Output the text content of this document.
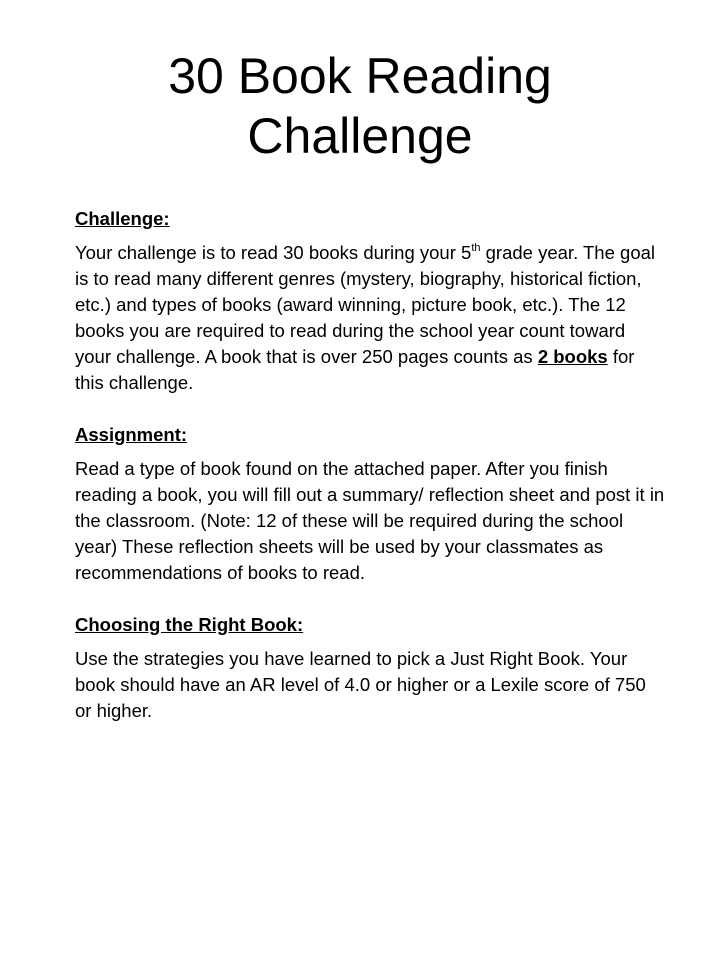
30 Book Reading
Challenge
Challenge:

Your challenge is to read 30 books during your 5th grade year. The goal is to read many different genres (mystery, biography, historical fiction, etc.) and types of books (award winning, picture book, etc.). The 12 books you are required to read during the school year count toward your challenge. A book that is over 250 pages counts as 2 books for this challenge.

Assignment:

Read a type of book found on the attached paper. After you finish reading a book, you will fill out a summary/ reflection sheet and post it in the classroom. (Note: 12 of these will be required during the school year) These reflection sheets will be used by your classmates as recommendations of books to read.

Choosing the Right Book:

Use the strategies you have learned to pick a Just Right Book. Your book should have an AR level of 4.0 or higher or a Lexile score of 750 or higher.
